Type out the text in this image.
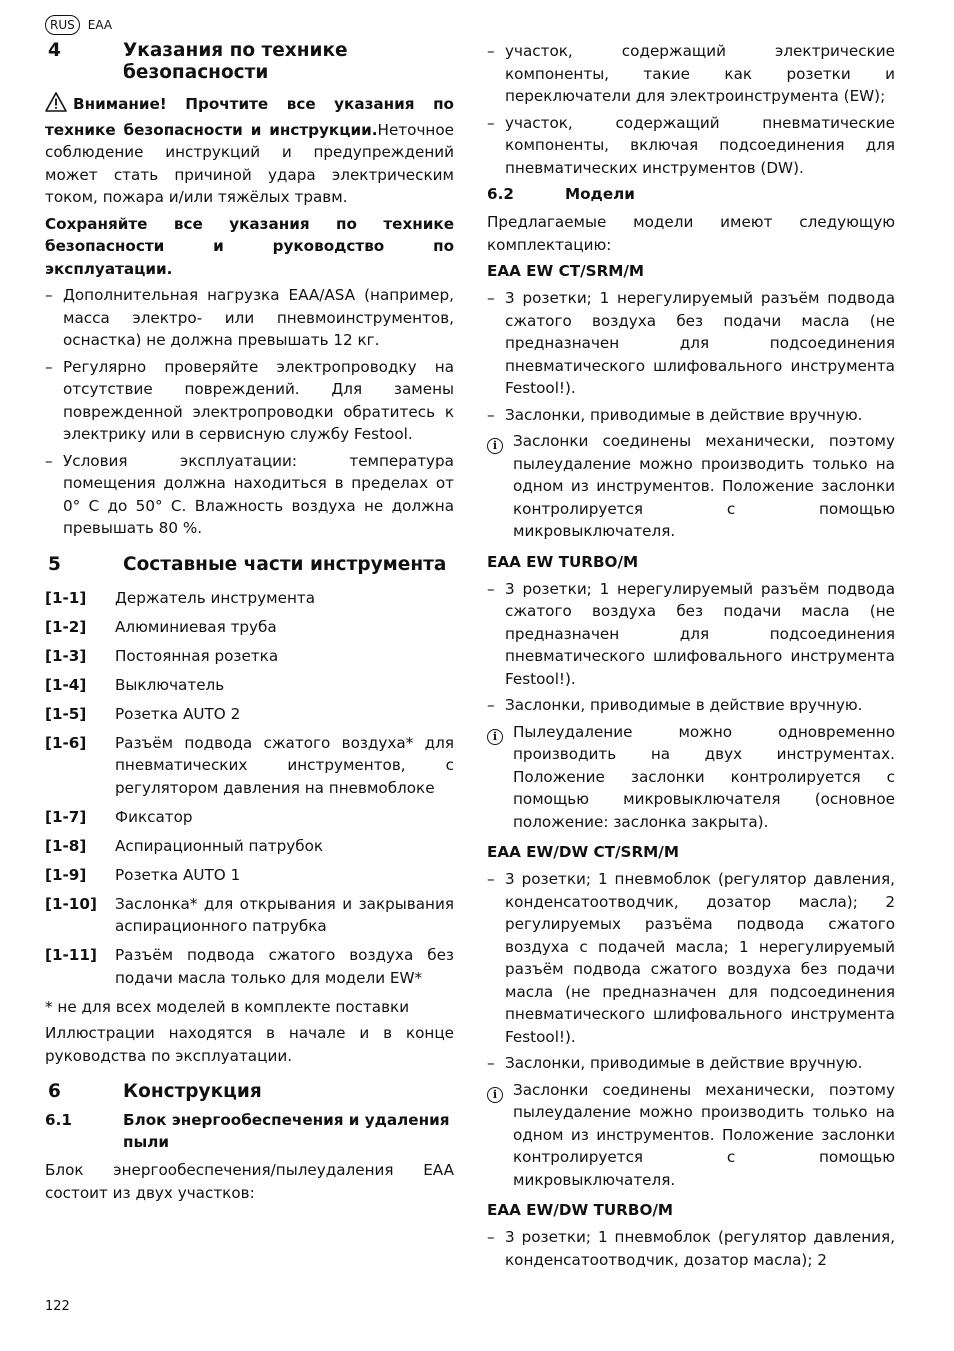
RUS	EAA
4	Указания по технике безопасности

Внимание! Прочтите все указания по технике безопасности и инструкции.Неточное соблюдение инструкций и предупреждений может стать причиной удара электрическим током, пожара и/или тяжёлых травм.

Сохраняйте все указания по технике безопасности и руководство по эксплуатации.

– Дополнительная нагрузка EAA/ASA (например, масса электро- или пневмоинструментов, оснастка) не должна превышать 12 кг.
– Регулярно проверяйте электропроводку на отсутствие повреждений. Для замены поврежденной электропроводки обратитесь к электрику или в сервисную службу Festool.
– Условия эксплуатации: температура помещения должна находиться в пределах от 0° С до 50° С. Влажность воздуха не должна превышать 80 %.
5	Составные части инструмента
[1-1]	Держатель инструмента
[1-2]	Алюминиевая труба
[1-3]	Постоянная розетка
[1-4]	Выключатель
[1-5]	Розетка AUTO 2
[1-6]	Разъём подвода сжатого воздуха* для пневматических инструментов, с регулятором давления на пневмоблоке
[1-7]	Фиксатор
[1-8]	Аспирационный патрубок
[1-9]	Розетка AUTO 1
[1-10]	Заслонка* для открывания и закрывания аспирационного патрубка
[1-11]	Разъём подвода сжатого воздуха без подачи масла только для модели EW*

* не для всех моделей в комплекте поставки

Иллюстрации находятся в начале и в конце руководства по эксплуатации.

6	Конструкция
6.1	Блок энергообеспечения и удаления пыли

Блок энергообеспечения/пылеудаления EAA состоит из двух участков:

– участок, содержащий электрические компоненты, такие как розетки и переключатели для электроинструмента (EW);
– участок, содержащий пневматические компоненты, включая подсоединения для пневматических инструментов (DW).
6.2	Модели

Предлагаемые модели имеют следующую комплектацию:

EAA EW CT/SRM/M
– 3 розетки; 1 нерегулируемый разъём подвода сжатого воздуха без подачи масла (не предназначен для подсоединения пневматического шлифовального инструмента Festool!).
– Заслонки, приводимые в действие вручную.
i	Заслонки соединены механически, поэтому пылеудаление можно производить только на одном из инструментов. Положение заслонки контролируется с помощью микровыключателя.
EAA EW TURBO/M
– 3 розетки; 1 нерегулируемый разъём подвода сжатого воздуха без подачи масла (не предназначен для подсоединения пневматического шлифовального инструмента Festool!).
– Заслонки, приводимые в действие вручную.
i	Пылеудаление можно одновременно производить на двух инструментах. Положение заслонки контролируется с помощью микровыключателя (основное положение: заслонка закрыта).
EAA EW/DW CT/SRM/M
– 3 розетки; 1 пневмоблок (регулятор давления, конденсатоотводчик, дозатор масла); 2 регулируемых разъёма подвода сжатого воздуха с подачей масла; 1 нерегулируемый разъём подвода сжатого воздуха без подачи масла (не предназначен для подсоединения пневматического шлифовального инструмента Festool!).
– Заслонки, приводимые в действие вручную.
i	Заслонки соединены механически, поэтому пылеудаление можно производить только на одном из инструментов. Положение заслонки контролируется с помощью микровыключателя.
EAA EW/DW TURBO/M
– 3 розетки; 1 пневмоблок (регулятор давления, конденсатоотводчик, дозатор масла); 2
122
